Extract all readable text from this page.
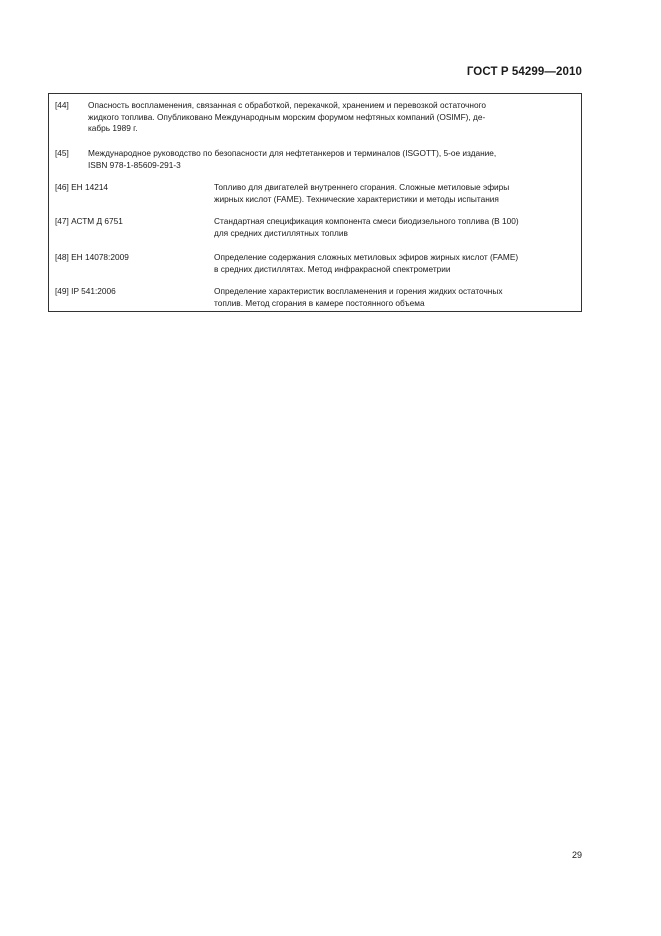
ГОСТ Р 54299—2010
[44] Опасность воспламенения, связанная с обработкой, перекачкой, хранением и перевозкой остаточного
жидкого топлива. Опубликовано Международным морским форумом нефтяных компаний (OSIMF), де-
кабрь 1989 г.
[45] Международное руководство по безопасности для нефтетанкеров и терминалов (ISGOTT), 5-ое издание,
ISBN 978-1-85609-291-3
[46] ЕН 14214	Топливо для двигателей внутреннего сгорания. Сложные метиловые эфиры
жирных кислот (FAME). Технические характеристики и методы испытания
[47] АСТМ Д 6751	Стандартная спецификация компонента смеси биодизельного топлива (В 100)
для средних дистиллятных топлив
[48] ЕН 14078:2009	Определение содержания сложных метиловых эфиров жирных кислот (FAME)
в средних дистиллятах. Метод инфракрасной спектрометрии
[49] IP 541:2006	Определение характеристик воспламенения и горения жидких остаточных
топлив. Метод сгорания в камере постоянного объема
29
